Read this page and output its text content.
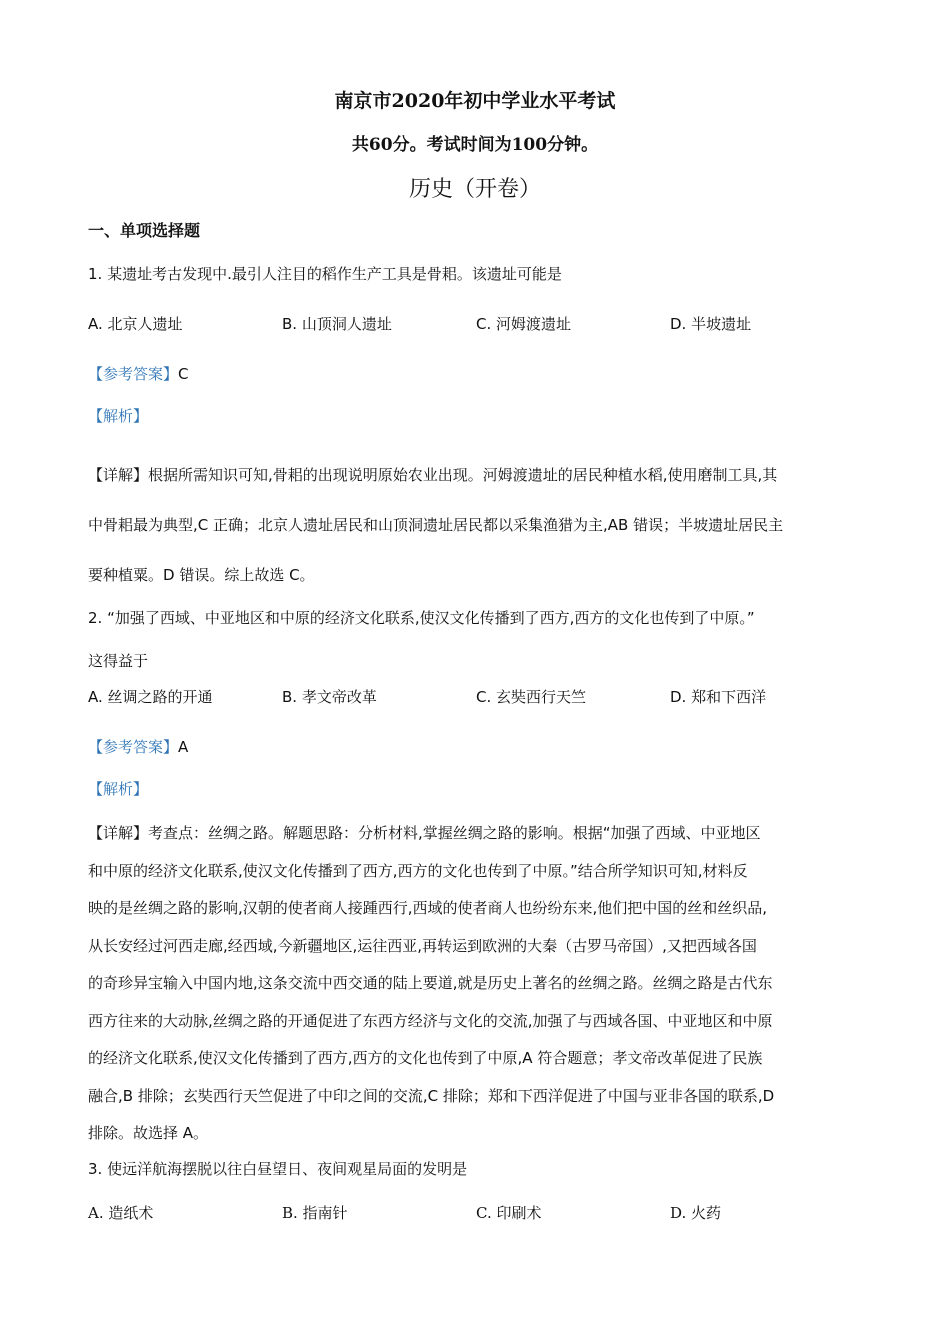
南京市2020年初中学业水平考试
共60分。考试时间为100分钟。
历史（开卷）
一、单项选择题
1. 某遗址考古发现中.最引人注目的稻作生产工具是骨耜。该遗址可能是
A. 北京人遗址	B. 山顶洞人遗址	C. 河姆渡遗址	D. 半坡遗址
【参考答案】C
【解析】
【详解】根据所需知识可知,骨耜的出现说明原始农业出现。河姆渡遗址的居民种植水稻,使用磨制工具,其
中骨耜最为典型,C 正确；北京人遗址居民和山顶洞遗址居民都以采集渔猎为主,AB 错误；半坡遗址居民主
要种植粟。D 错误。综上故选 C。
2. “加强了西域、中亚地区和中原的经济文化联系,使汉文化传播到了西方,西方的文化也传到了中原。”
这得益于
A. 丝调之路的开通	B. 孝文帝改革	C. 玄奘西行天竺	D. 郑和下西洋
【参考答案】A
【解析】
【详解】考查点：丝绸之路。解题思路：分析材料,掌握丝绸之路的影响。根据“加强了西域、中亚地区
和中原的经济文化联系,使汉文化传播到了西方,西方的文化也传到了中原。”结合所学知识可知,材料反
映的是丝绸之路的影响,汉朝的使者商人接踵西行,西域的使者商人也纷纷东来,他们把中国的丝和丝织品,
从长安经过河西走廊,经西域,今新疆地区,运往西亚,再转运到欧洲的大秦（古罗马帝国）,又把西域各国
的奇珍异宝输入中国内地,这条交流中西交通的陆上要道,就是历史上著名的丝绸之路。丝绸之路是古代东
西方往来的大动脉,丝绸之路的开通促进了东西方经济与文化的交流,加强了与西域各国、中亚地区和中原
的经济文化联系,使汉文化传播到了西方,西方的文化也传到了中原,A 符合题意；孝文帝改革促进了民族
融合,B 排除；玄奘西行天竺促进了中印之间的交流,C 排除；郑和下西洋促进了中国与亚非各国的联系,D
排除。故选择 A。
3. 使远洋航海摆脱以往白昼望日、夜间观星局面的发明是
A. 造纸术	B. 指南针	C. 印刷术	D. 火药
